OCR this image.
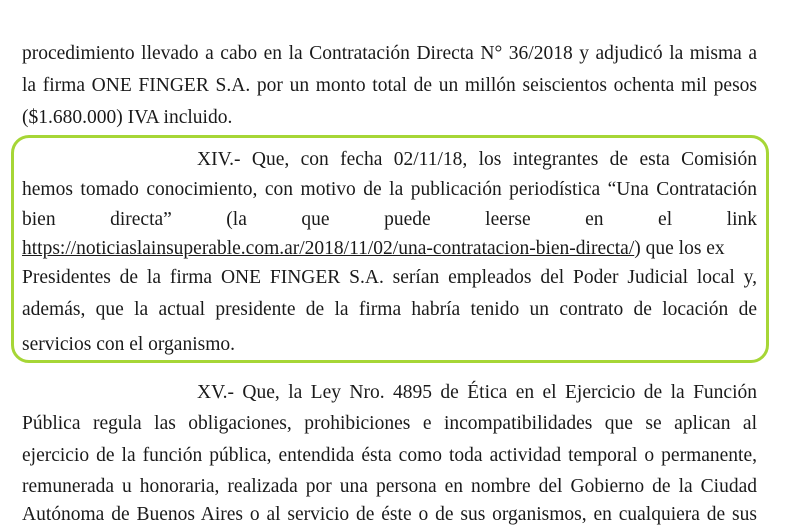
procedimiento llevado a cabo en la Contratación Directa N° 36/2018 y adjudicó la misma a
la firma ONE FINGER S.A. por un monto total de un millón seiscientos ochenta mil pesos
($1.680.000) IVA incluido.
XIV.- Que, con fecha 02/11/18, los integrantes de esta Comisión
hemos tomado conocimiento, con motivo de la publicación periodística “Una Contratación
bien directa” (la que puede leerse en el link
https://noticiaslainsuperable.com.ar/2018/11/02/una-contratacion-bien-directa/) que los ex
Presidentes de la firma ONE FINGER S.A. serían empleados del Poder Judicial local y,
además, que la actual presidente de la firma habría tenido un contrato de locación de
servicios con el organismo.
XV.- Que, la Ley Nro. 4895 de Ética en el Ejercicio de la Función
Pública regula las obligaciones, prohibiciones e incompatibilidades que se aplican al
ejercicio de la función pública, entendida ésta como toda actividad temporal o permanente,
remunerada u honoraria, realizada por una persona en nombre del Gobierno de la Ciudad
Autónoma de Buenos Aires o al servicio de éste o de sus organismos, en cualquiera de sus
